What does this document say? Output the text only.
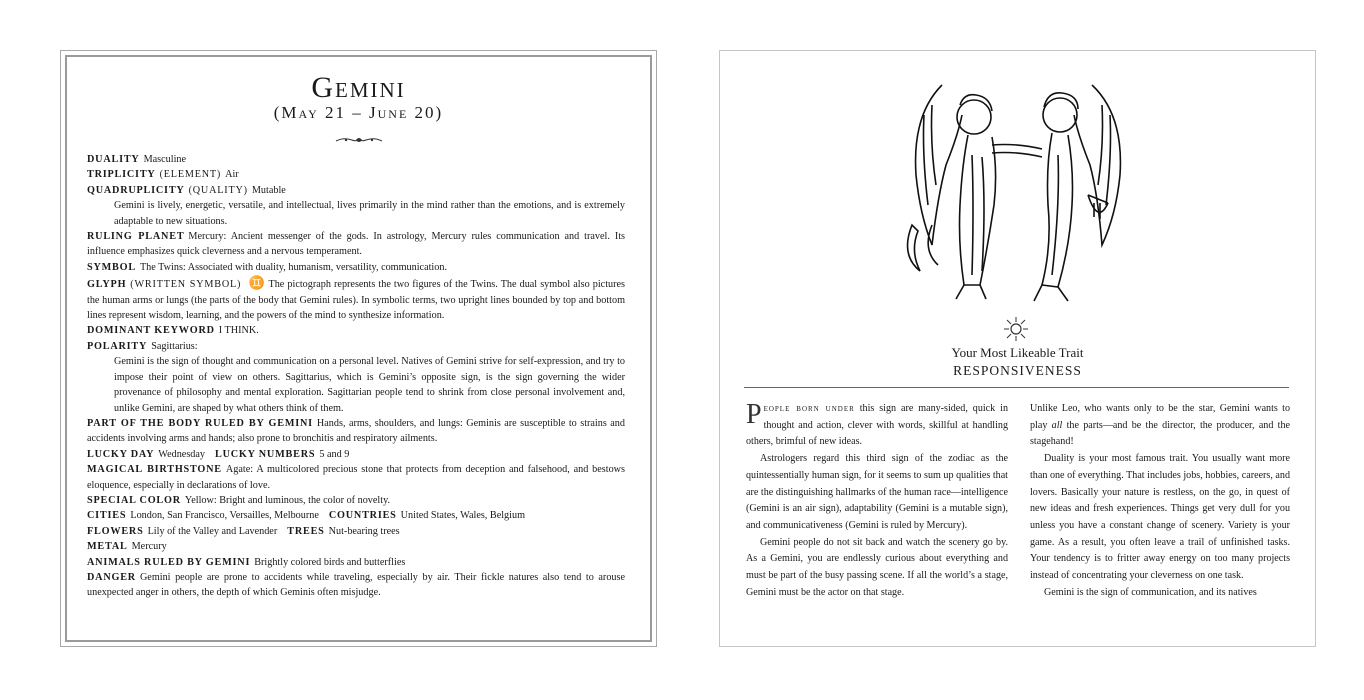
Gemini
(May 21 – June 20)

DUALITY Masculine

TRIPLICITY (ELEMENT) Air

QUADRUPLICITY (QUALITY) Mutable

Gemini is lively, energetic, versatile, and intellectual, lives primarily in the mind rather than the emotions, and is extremely adaptable to new situations.

RULING PLANET Mercury: Ancient messenger of the gods. In astrology, Mercury rules communication and travel. Its influence emphasizes quick cleverness and a nervous temperament.

SYMBOL The Twins: Associated with duality, humanism, versatility, communication.

GLYPH (WRITTEN SYMBOL) ♊ The pictograph represents the two figures of the Twins. The dual symbol also pictures the human arms or lungs (the parts of the body that Gemini rules). In symbolic terms, two upright lines bounded by top and bottom lines represent wisdom, learning, and the powers of the mind to synthesize information.

DOMINANT KEYWORD I THINK.

POLARITY Sagittarius:

Gemini is the sign of thought and communication on a personal level. Natives of Gemini strive for self-expression, and try to impose their point of view on others. Sagittarius, which is Gemini’s opposite sign, is the sign governing the wider provenance of philosophy and mental exploration. Sagittarian people tend to shrink from close personal involvement and, unlike Gemini, are shaped by what others think of them.

PART OF THE BODY RULED BY GEMINI Hands, arms, shoulders, and lungs: Geminis are susceptible to strains and accidents involving arms and hands; also prone to bronchitis and respiratory ailments.

LUCKY DAY Wednesday LUCKY NUMBERS 5 and 9

MAGICAL BIRTHSTONE Agate: A multicolored precious stone that protects from deception and falsehood, and bestows eloquence, especially in declarations of love.

SPECIAL COLOR Yellow: Bright and luminous, the color of novelty.

CITIES London, San Francisco, Versailles, Melbourne COUNTRIES United States, Wales, Belgium

FLOWERS Lily of the Valley and Lavender TREES Nut-bearing trees

METAL Mercury

ANIMALS RULED BY GEMINI Brightly colored birds and butterflies

DANGER Gemini people are prone to accidents while traveling, especially by air. Their fickle natures also tend to arouse unexpected anger in others, the depth of which Geminis often misjudge.

Your Most Likeable Trait
RESPONSIVENESS

People born under this sign are many-sided, quick in thought and action, clever with words, skillful at handling others, brimful of new ideas.

Astrologers regard this third sign of the zodiac as the quintessentially human sign, for it seems to sum up qualities that are the distinguishing hallmarks of the human race—intelligence (Gemini is an air sign), adaptability (Gemini is a mutable sign), and communicativeness (Gemini is ruled by Mercury).

Gemini people do not sit back and watch the scenery go by. As a Gemini, you are endlessly curious about everything and must be part of the busy passing scene. If all the world’s a stage, Gemini must be the actor on that stage.

Unlike Leo, who wants only to be the star, Gemini wants to play all the parts—and be the director, the producer, and the stagehand!

Duality is your most famous trait. You usually want more than one of everything. That includes jobs, hobbies, careers, and lovers. Basically your nature is restless, on the go, in quest of new ideas and fresh experiences. Things get very dull for you unless you have a constant change of scenery. Variety is your game. As a result, you often leave a trail of unfinished tasks. Your tendency is to fritter away energy on too many projects instead of concentrating your cleverness on one task.

Gemini is the sign of communication, and its natives
